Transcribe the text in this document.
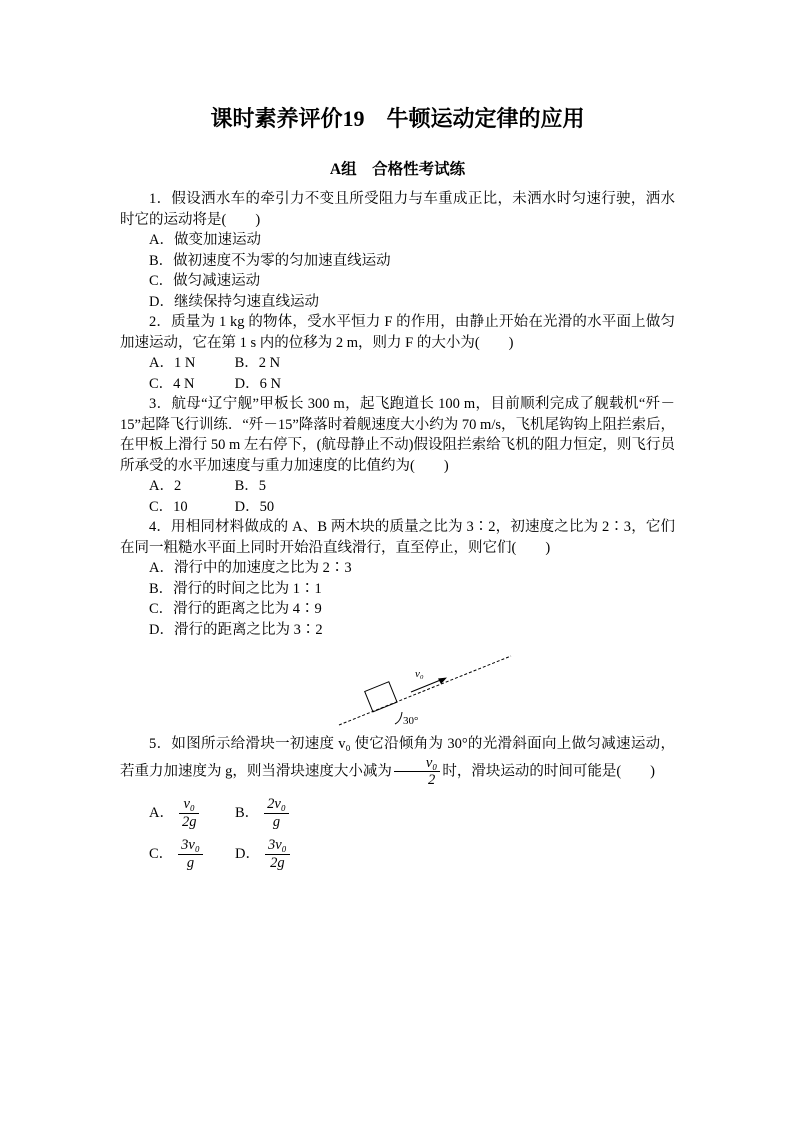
课时素养评价19　牛顿运动定律的应用
A组　合格性考试练

1．假设洒水车的牵引力不变且所受阻力与车重成正比，未洒水时匀速行驶，洒水时它的运动将是(　　)

A．做变加速运动
B．做初速度不为零的匀加速直线运动
C．做匀减速运动
D．继续保持匀速直线运动

2．质量为 1 kg 的物体，受水平恒力 F 的作用，由静止开始在光滑的水平面上做匀加速运动，它在第 1 s 内的位移为 2 m，则力 F 的大小为(　　)

A．1 N	B．2 N
C．4 N	D．6 N

3．航母“辽宁舰”甲板长 300 m，起飞跑道长 100 m，目前顺利完成了舰载机“歼－15”起降飞行训练．“歼－15”降落时着舰速度大小约为 70 m/s，飞机尾钩钩上阻拦索后，在甲板上滑行 50 m 左右停下，(航母静止不动)假设阻拦索给飞机的阻力恒定，则飞行员所承受的水平加速度与重力加速度的比值约为(　　)

A．2	B．5
C．10	D．50

4．用相同材料做成的 A、B 两木块的质量之比为 3∶2，初速度之比为 2∶3，它们在同一粗糙水平面上同时开始沿直线滑行，直至停止，则它们(　　)

A．滑行中的加速度之比为 2∶3
B．滑行的时间之比为 1∶1
C．滑行的距离之比为 4∶9
D．滑行的距离之比为 3∶2
v₀
30°

5．如图所示给滑块一初速度 v₀ 使它沿倾角为 30°的光滑斜面向上做匀减速运动，若重力加速度为 g，则当滑块速度大小减为 $\frac{\text{v₀}}{2}$ 时，滑块运动的时间可能是(　　)

A． $\frac{\text{v₀}}{2g}$ B． $\frac{\text{2v₀}}{g}$
C． $\frac{\text{3v₀}}{g}$ D． $\frac{\text{3v₀}}{2g}$
